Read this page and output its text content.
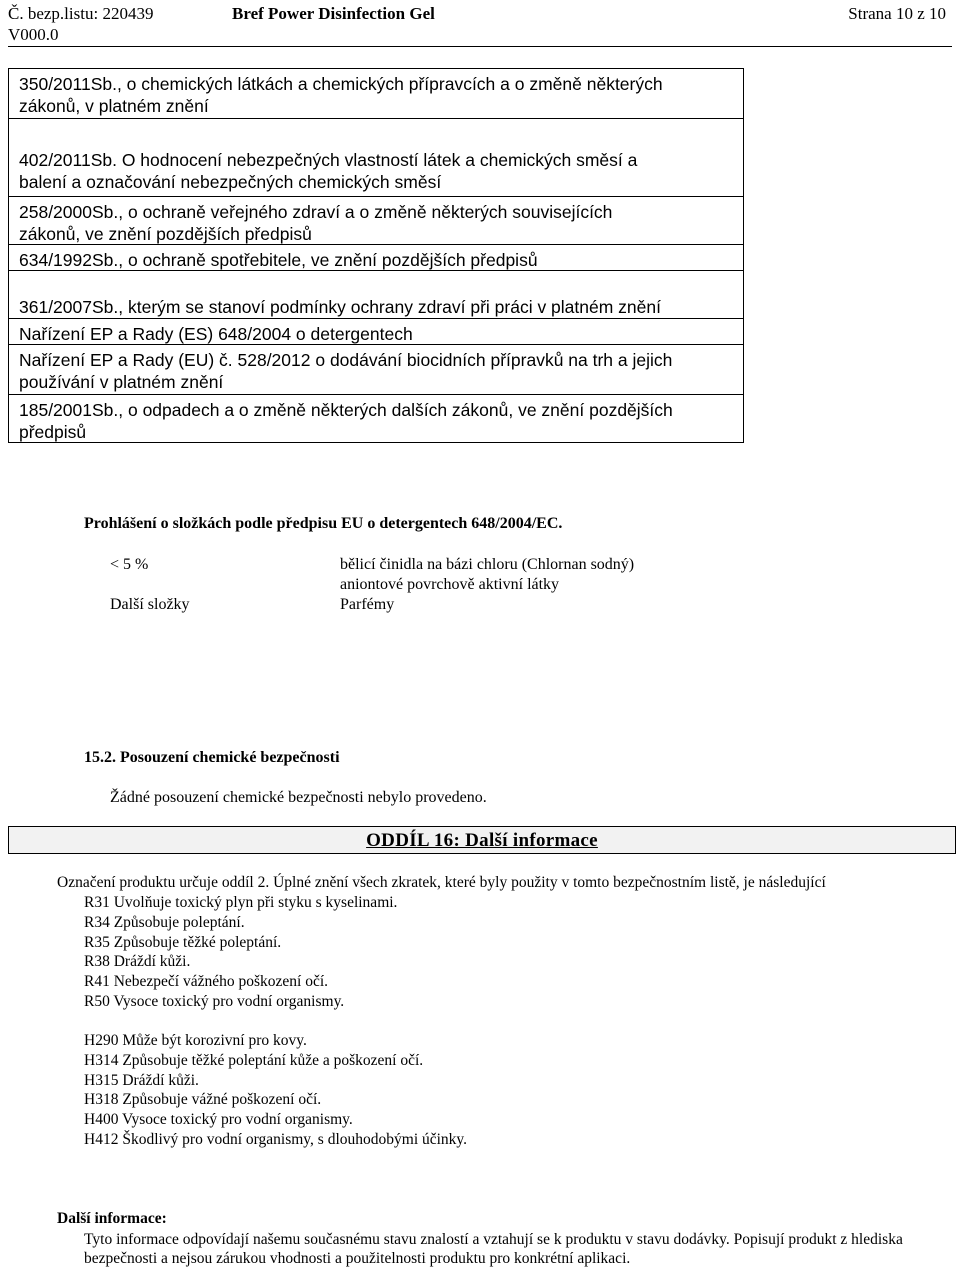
Č. bezp.listu: 220439
V000.0
Bref Power Disinfection Gel	Strana 10 z 10
350/2011Sb., o chemických látkách a chemických přípravcích a o změně některých
zákonů, v platném znění
402/2011Sb. O hodnocení nebezpečných vlastností látek a chemických směsí a
balení a označování nebezpečných chemických směsí
258/2000Sb., o ochraně veřejného zdraví a o změně některých souvisejících
zákonů, ve znění pozdějších předpisů
634/1992Sb., o ochraně spotřebitele, ve znění pozdějších předpisů
361/2007Sb., kterým se stanoví podmínky ochrany zdraví při práci v platném znění
Nařízení EP a Rady (ES) 648/2004 o detergentech
Nařízení EP a Rady (EU) č. 528/2012 o dodávání biocidních přípravků na trh a jejich
používání v platném znění
185/2001Sb., o odpadech a o změně některých dalších zákonů, ve znění pozdějších
předpisů
Prohlášení o složkách podle předpisu EU o detergentech 648/2004/EC.
< 5 %	bělicí činidla na bázi chloru (Chlornan sodný)
aniontové povrchově aktivní látky
Další složky	Parfémy
15.2. Posouzení chemické bezpečnosti
Žádné posouzení chemické bezpečnosti nebylo provedeno.
ODDÍL 16: Další informace
Označení produktu určuje oddíl 2. Úplné znění všech zkratek, které byly použity v tomto bezpečnostním listě, je následující
R31 Uvolňuje toxický plyn při styku s kyselinami.
R34 Způsobuje poleptání.
R35 Způsobuje těžké poleptání.
R38 Dráždí kůži.
R41 Nebezpečí vážného poškození očí.
R50 Vysoce toxický pro vodní organismy.
H290 Může být korozivní pro kovy.
H314 Způsobuje těžké poleptání kůže a poškození očí.
H315 Dráždí kůži.
H318 Způsobuje vážné poškození očí.
H400 Vysoce toxický pro vodní organismy.
H412 Škodlivý pro vodní organismy, s dlouhodobými účinky.
Další informace:
Tyto informace odpovídají našemu současnému stavu znalostí a vztahují se k produktu v stavu dodávky. Popisují produkt z hlediska bezpečnosti a nejsou zárukou vhodnosti a použitelnosti produktu pro konkrétní aplikaci.
